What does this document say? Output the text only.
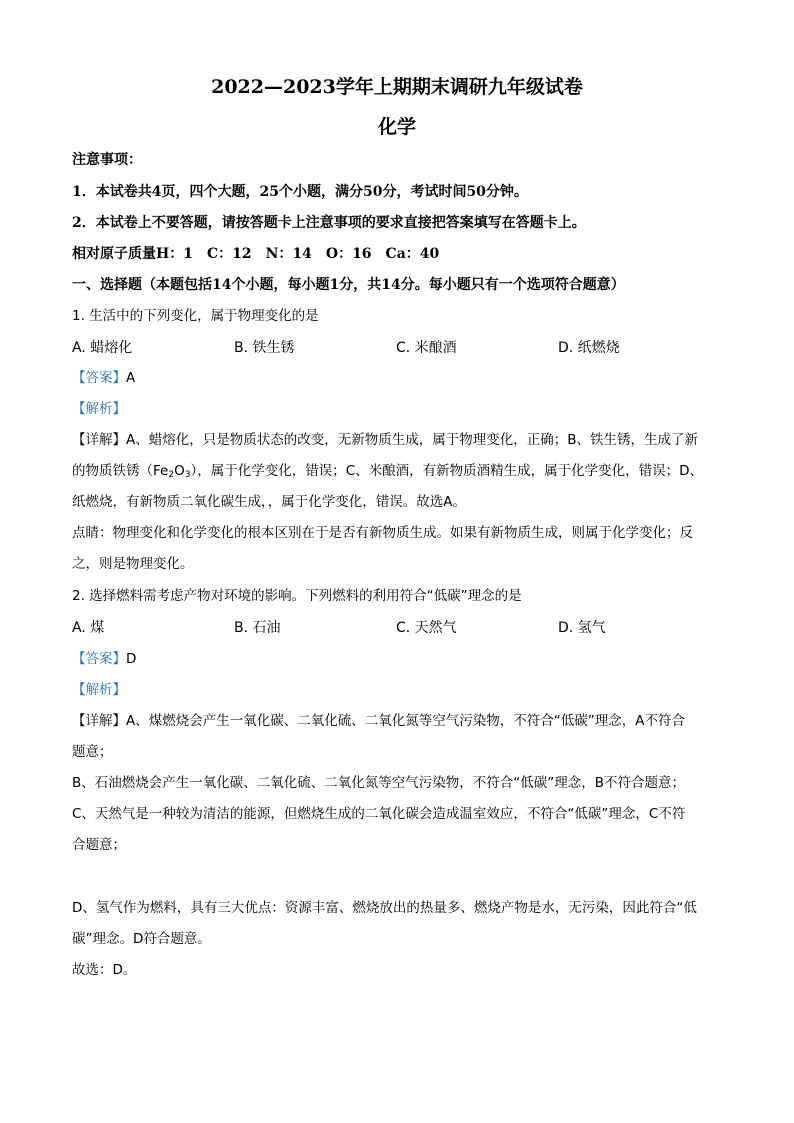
2022—2023学年上期期末调研九年级试卷
化学
注意事项：
1．本试卷共4页，四个大题，25个小题，满分50分，考试时间50分钟。
2．本试卷上不要答题，请按答题卡上注意事项的要求直接把答案填写在答题卡上。
相对原子质量H：1　C：12　N：14　O：16　Ca：40
一、选择题（本题包括14个小题，每小题1分，共14分。每小题只有一个选项符合题意）
1. 生活中的下列变化，属于物理变化的是
A. 蜡熔化	B. 铁生锈	C. 米酿酒	D. 纸燃烧
【答案】A
【解析】
【详解】A、蜡熔化，只是物质状态的改变，无新物质生成，属于物理变化，正确；B、铁生锈，生成了新
的物质铁锈$(Fe_2O_3)$，属于化学变化，错误；C、米酿酒，有新物质酒精生成，属于化学变化，错误；D、
纸燃烧，有新物质二氧化碳生成，，属于化学变化，错误。故选A。
点睛：物理变化和化学变化的根本区别在于是否有新物质生成。如果有新物质生成，则属于化学变化；反
之，则是物理变化。
2. 选择燃料需考虑产物对环境的影响。下列燃料的利用符合“低碳”理念的是
A. 煤	B. 石油	C. 天然气	D. 氢气
【答案】D
【解析】
【详解】A、煤燃烧会产生一氧化碳、二氧化硫、二氧化氮等空气污染物，不符合“低碳”理念，A不符合
题意；
B、石油燃烧会产生一氧化碳、二氧化硫、二氧化氮等空气污染物，不符合“低碳”理念，B不符合题意；
C、天然气是一种较为清洁的能源，但燃烧生成的二氧化碳会造成温室效应，不符合“低碳”理念，C不符
合题意；
D、氢气作为燃料，具有三大优点：资源丰富、燃烧放出的热量多、燃烧产物是水，无污染，因此符合“低
碳”理念。D符合题意。
故选：D。
